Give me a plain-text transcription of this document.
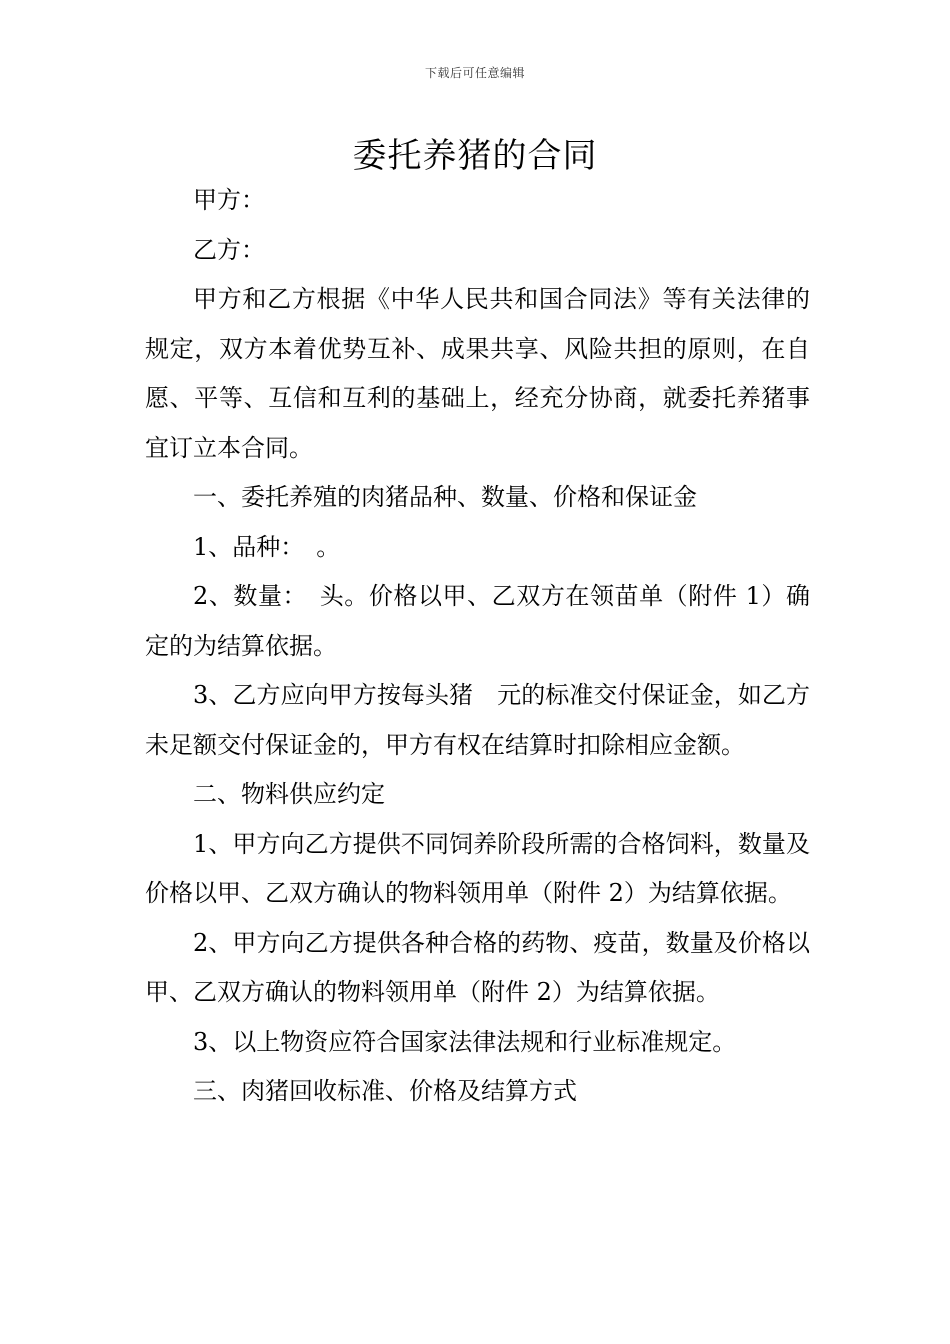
下载后可任意编辑
委托养猪的合同

甲方：

乙方：

甲方和乙方根据《中华人民共和国合同法》等有关法律的规定，双方本着优势互补、成果共享、风险共担的原则，在自愿、平等、互信和互利的基础上，经充分协商，就委托养猪事宜订立本合同。

一、委托养殖的肉猪品种、数量、价格和保证金

1、品种：　。

2、数量：　头。价格以甲、乙双方在领苗单（附件 1）确定的为结算依据。

3、乙方应向甲方按每头猪　元的标准交付保证金，如乙方未足额交付保证金的，甲方有权在结算时扣除相应金额。

二、物料供应约定

1、甲方向乙方提供不同饲养阶段所需的合格饲料，数量及价格以甲、乙双方确认的物料领用单（附件 2）为结算依据。

2、甲方向乙方提供各种合格的药物、疫苗，数量及价格以甲、乙双方确认的物料领用单（附件 2）为结算依据。

3、以上物资应符合国家法律法规和行业标准规定。

三、肉猪回收标准、价格及结算方式
